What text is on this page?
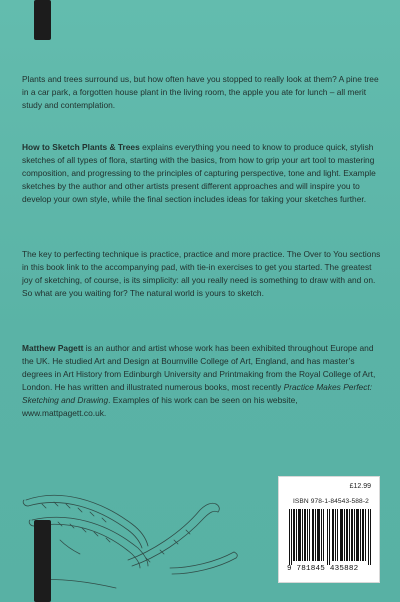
Plants and trees surround us, but how often have you stopped to really look at them? A pine tree in a car park, a forgotten house plant in the living room, the apple you ate for lunch – all merit study and contemplation.

How to Sketch Plants & Trees explains everything you need to know to produce quick, stylish sketches of all types of flora, starting with the basics, from how to grip your art tool to mastering composition, and progressing to the principles of capturing perspective, tone and light. Example sketches by the author and other artists present different approaches and will inspire you to develop your own style, while the final section includes ideas for taking your sketches further.

The key to perfecting technique is practice, practice and more practice. The Over to You sections in this book link to the accompanying pad, with tie-in exercises to get you started. The greatest joy of sketching, of course, is its simplicity: all you really need is something to draw with and on. So what are you waiting for? The natural world is yours to sketch.

Matthew Pagett is an author and artist whose work has been exhibited throughout Europe and the UK. He studied Art and Design at Bournville College of Art, England, and has master’s degrees in Art History from Edinburgh University and Printmaking from the Royal College of Art, London. He has written and illustrated numerous books, most recently Practice Makes Perfect: Sketching and Drawing. Examples of his work can be seen on his website, www.mattpagett.co.uk.

£12.99
ISBN 978-1-84543-588-2
9 781845 435882
